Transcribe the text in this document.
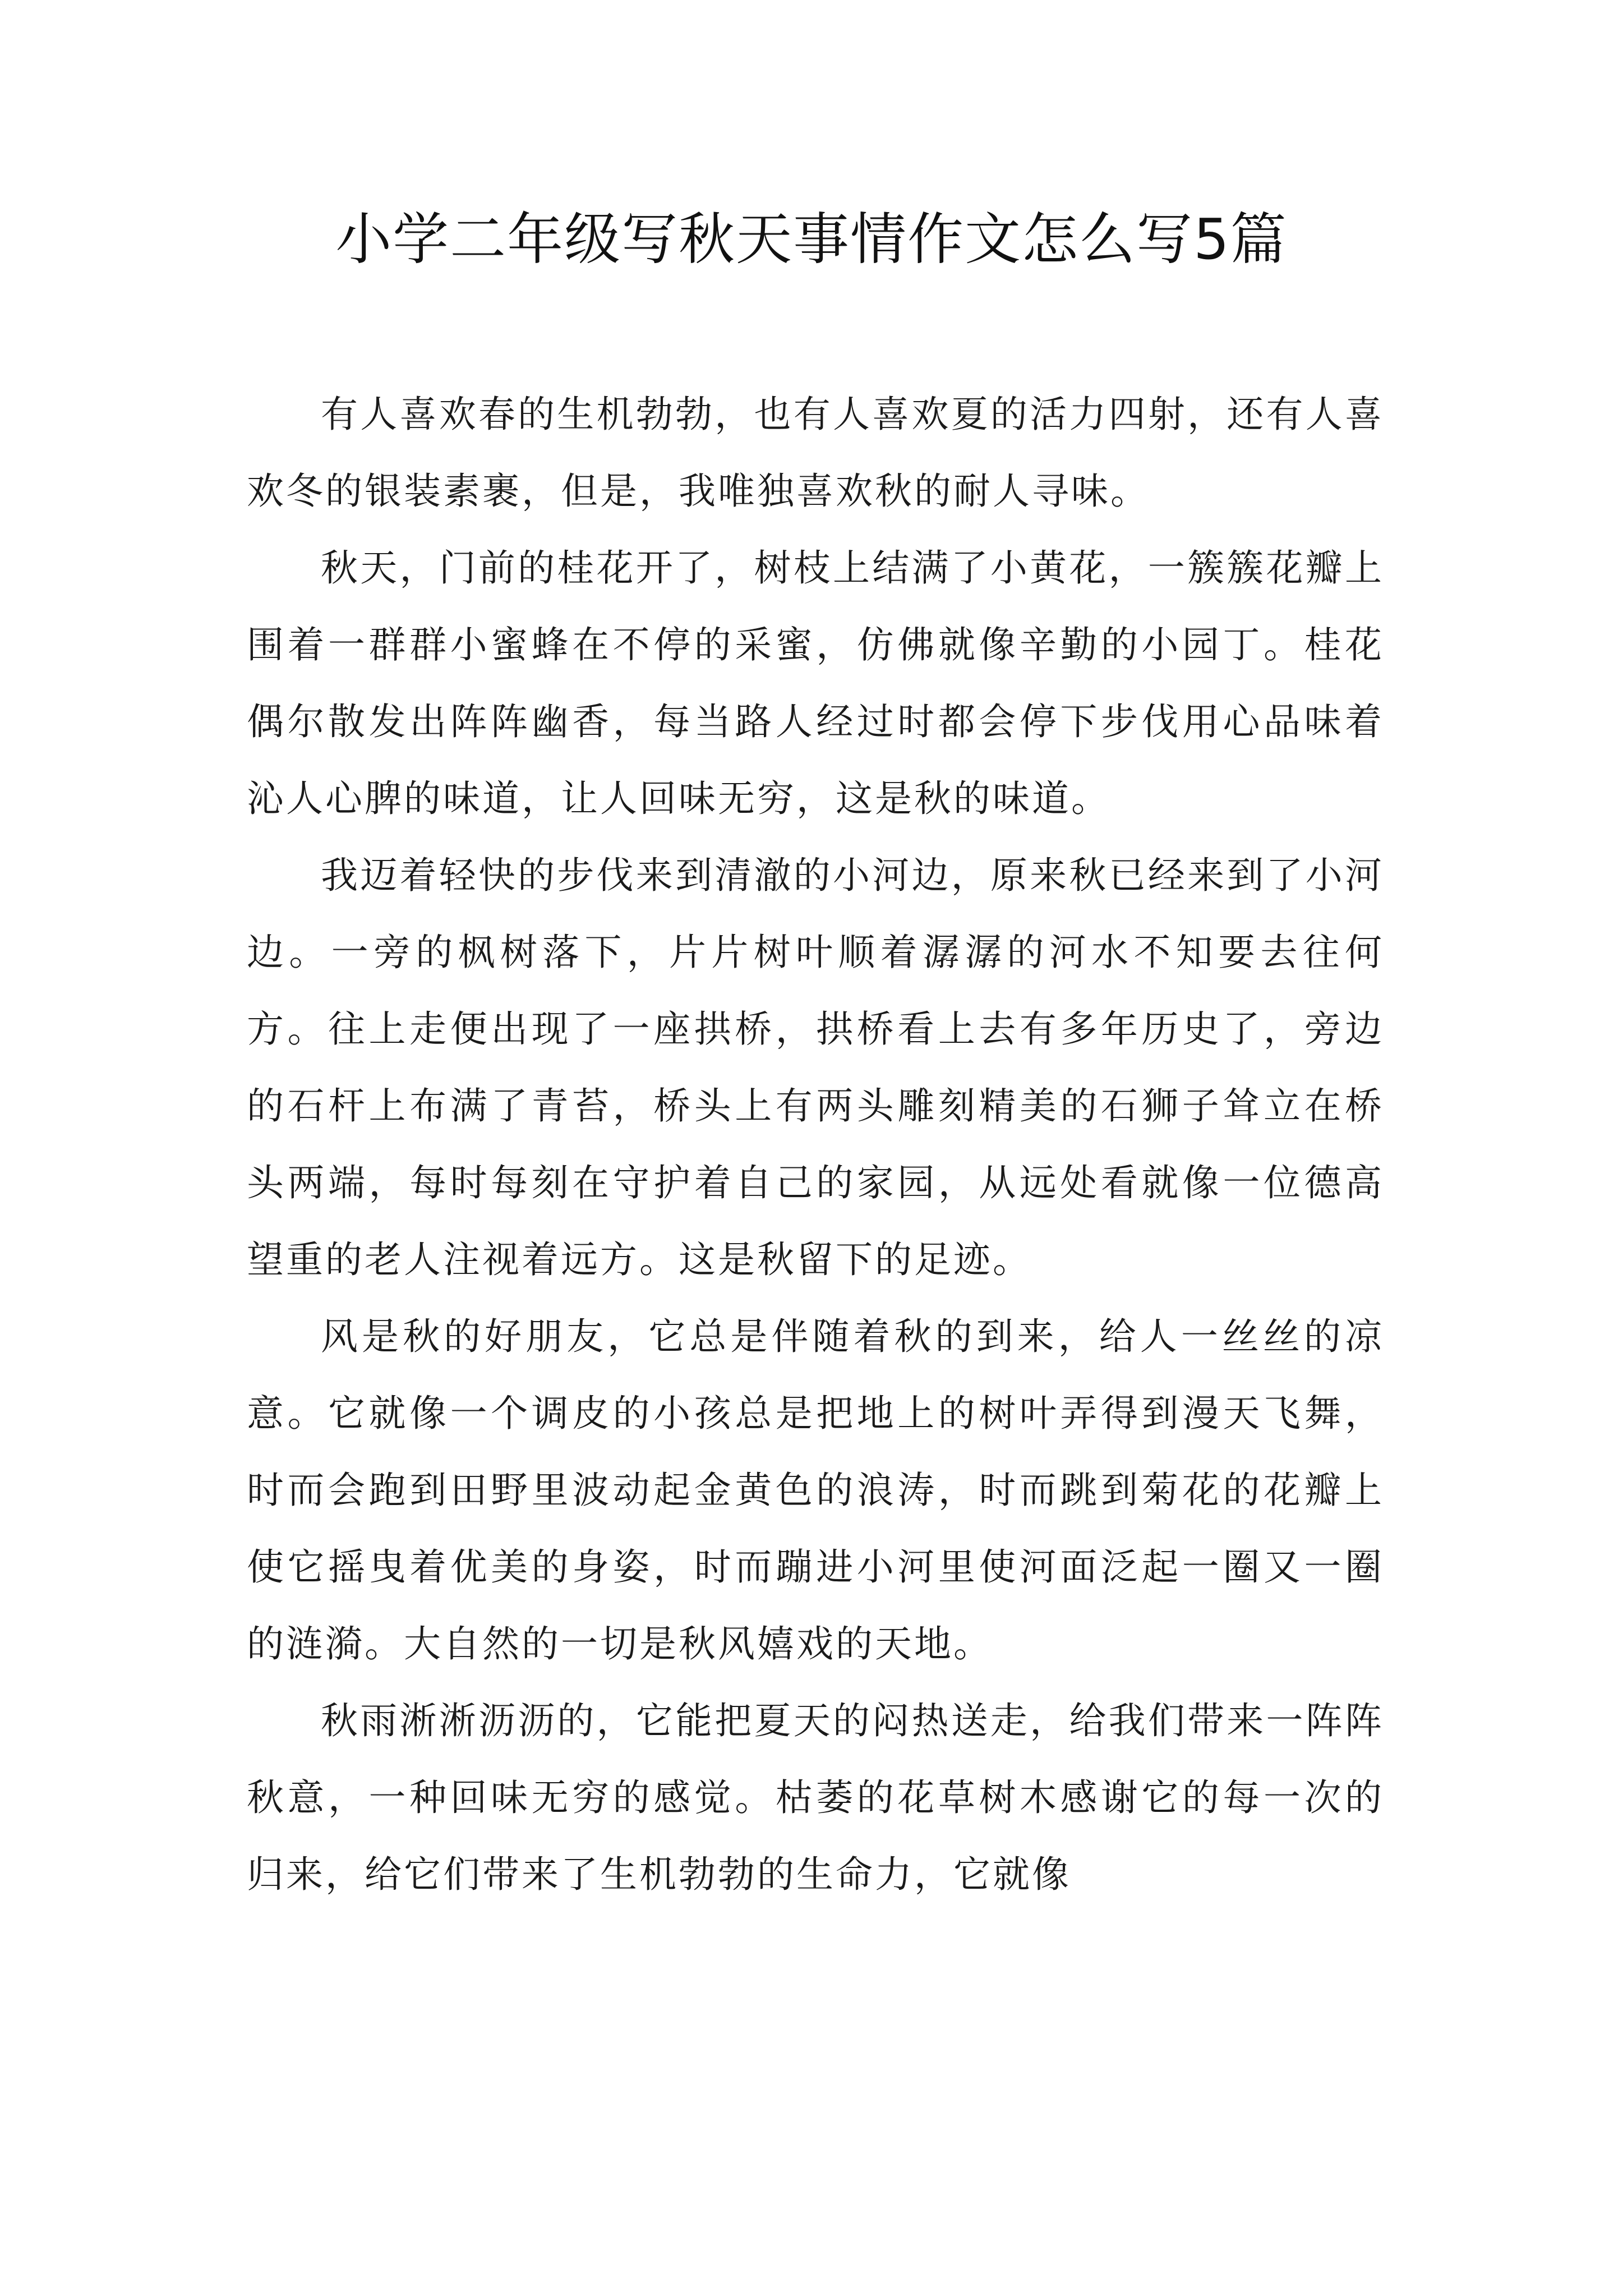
小学二年级写秋天事情作文怎么写5篇

有人喜欢春的生机勃勃，也有人喜欢夏的活力四射，还有人喜欢冬的银装素裹，但是，我唯独喜欢秋的耐人寻味。

秋天，门前的桂花开了，树枝上结满了小黄花，一簇簇花瓣上围着一群群小蜜蜂在不停的采蜜，仿佛就像辛勤的小园丁。桂花偶尔散发出阵阵幽香，每当路人经过时都会停下步伐用心品味着沁人心脾的味道，让人回味无穷，这是秋的味道。

我迈着轻快的步伐来到清澈的小河边，原来秋已经来到了小河边。一旁的枫树落下，片片树叶顺着潺潺的河水不知要去往何方。往上走便出现了一座拱桥，拱桥看上去有多年历史了，旁边的石杆上布满了青苔，桥头上有两头雕刻精美的石狮子耸立在桥头两端，每时每刻在守护着自己的家园，从远处看就像一位德高望重的老人注视着远方。这是秋留下的足迹。

风是秋的好朋友，它总是伴随着秋的到来，给人一丝丝的凉意。它就像一个调皮的小孩总是把地上的树叶弄得到漫天飞舞，时而会跑到田野里波动起金黄色的浪涛，时而跳到菊花的花瓣上使它摇曳着优美的身姿，时而蹦进小河里使河面泛起一圈又一圈的涟漪。大自然的一切是秋风嬉戏的天地。

秋雨淅淅沥沥的，它能把夏天的闷热送走，给我们带来一阵阵秋意，一种回味无穷的感觉。枯萎的花草树木感谢它的每一次的归来，给它们带来了生机勃勃的生命力，它就像
